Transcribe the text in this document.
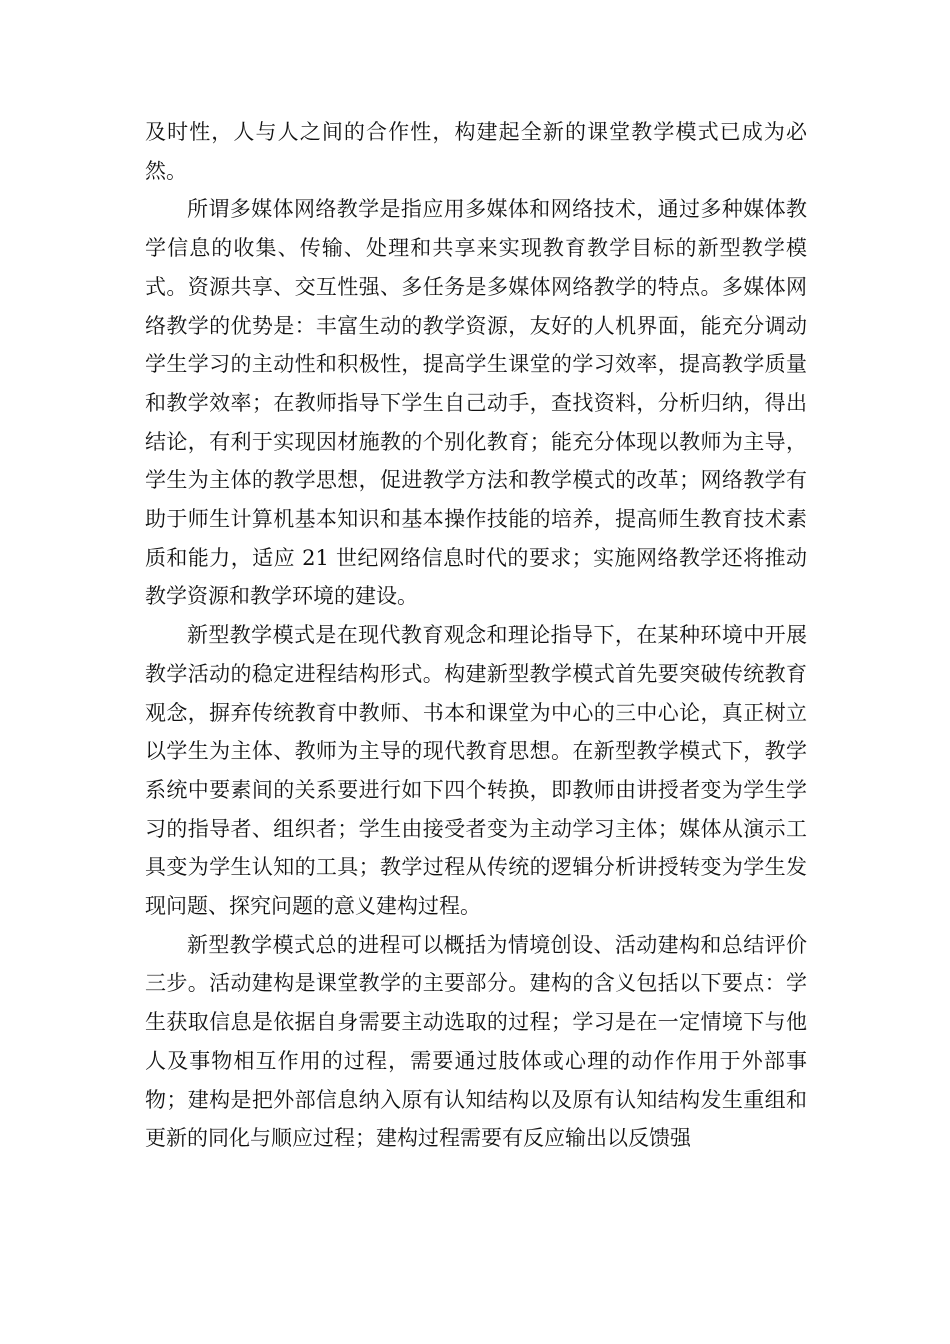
及时性，人与人之间的合作性，构建起全新的课堂教学模式已成为必然。

所谓多媒体网络教学是指应用多媒体和网络技术，通过多种媒体教学信息的收集、传输、处理和共享来实现教育教学目标的新型教学模式。资源共享、交互性强、多任务是多媒体网络教学的特点。多媒体网络教学的优势是：丰富生动的教学资源，友好的人机界面，能充分调动学生学习的主动性和积极性，提高学生课堂的学习效率，提高教学质量和教学效率；在教师指导下学生自己动手，查找资料，分析归纳，得出结论，有利于实现因材施教的个别化教育；能充分体现以教师为主导，学生为主体的教学思想，促进教学方法和教学模式的改革；网络教学有助于师生计算机基本知识和基本操作技能的培养，提高师生教育技术素质和能力，适应 21 世纪网络信息时代的要求；实施网络教学还将推动教学资源和教学环境的建设。

新型教学模式是在现代教育观念和理论指导下，在某种环境中开展教学活动的稳定进程结构形式。构建新型教学模式首先要突破传统教育观念，摒弃传统教育中教师、书本和课堂为中心的三中心论，真正树立以学生为主体、教师为主导的现代教育思想。在新型教学模式下，教学系统中要素间的关系要进行如下四个转换，即教师由讲授者变为学生学习的指导者、组织者；学生由接受者变为主动学习主体；媒体从演示工具变为学生认知的工具；教学过程从传统的逻辑分析讲授转变为学生发现问题、探究问题的意义建构过程。

新型教学模式总的进程可以概括为情境创设、活动建构和总结评价三步。活动建构是课堂教学的主要部分。建构的含义包括以下要点：学生获取信息是依据自身需要主动选取的过程；学习是在一定情境下与他人及事物相互作用的过程，需要通过肢体或心理的动作作用于外部事物；建构是把外部信息纳入原有认知结构以及原有认知结构发生重组和更新的同化与顺应过程；建构过程需要有反应输出以反馈强
